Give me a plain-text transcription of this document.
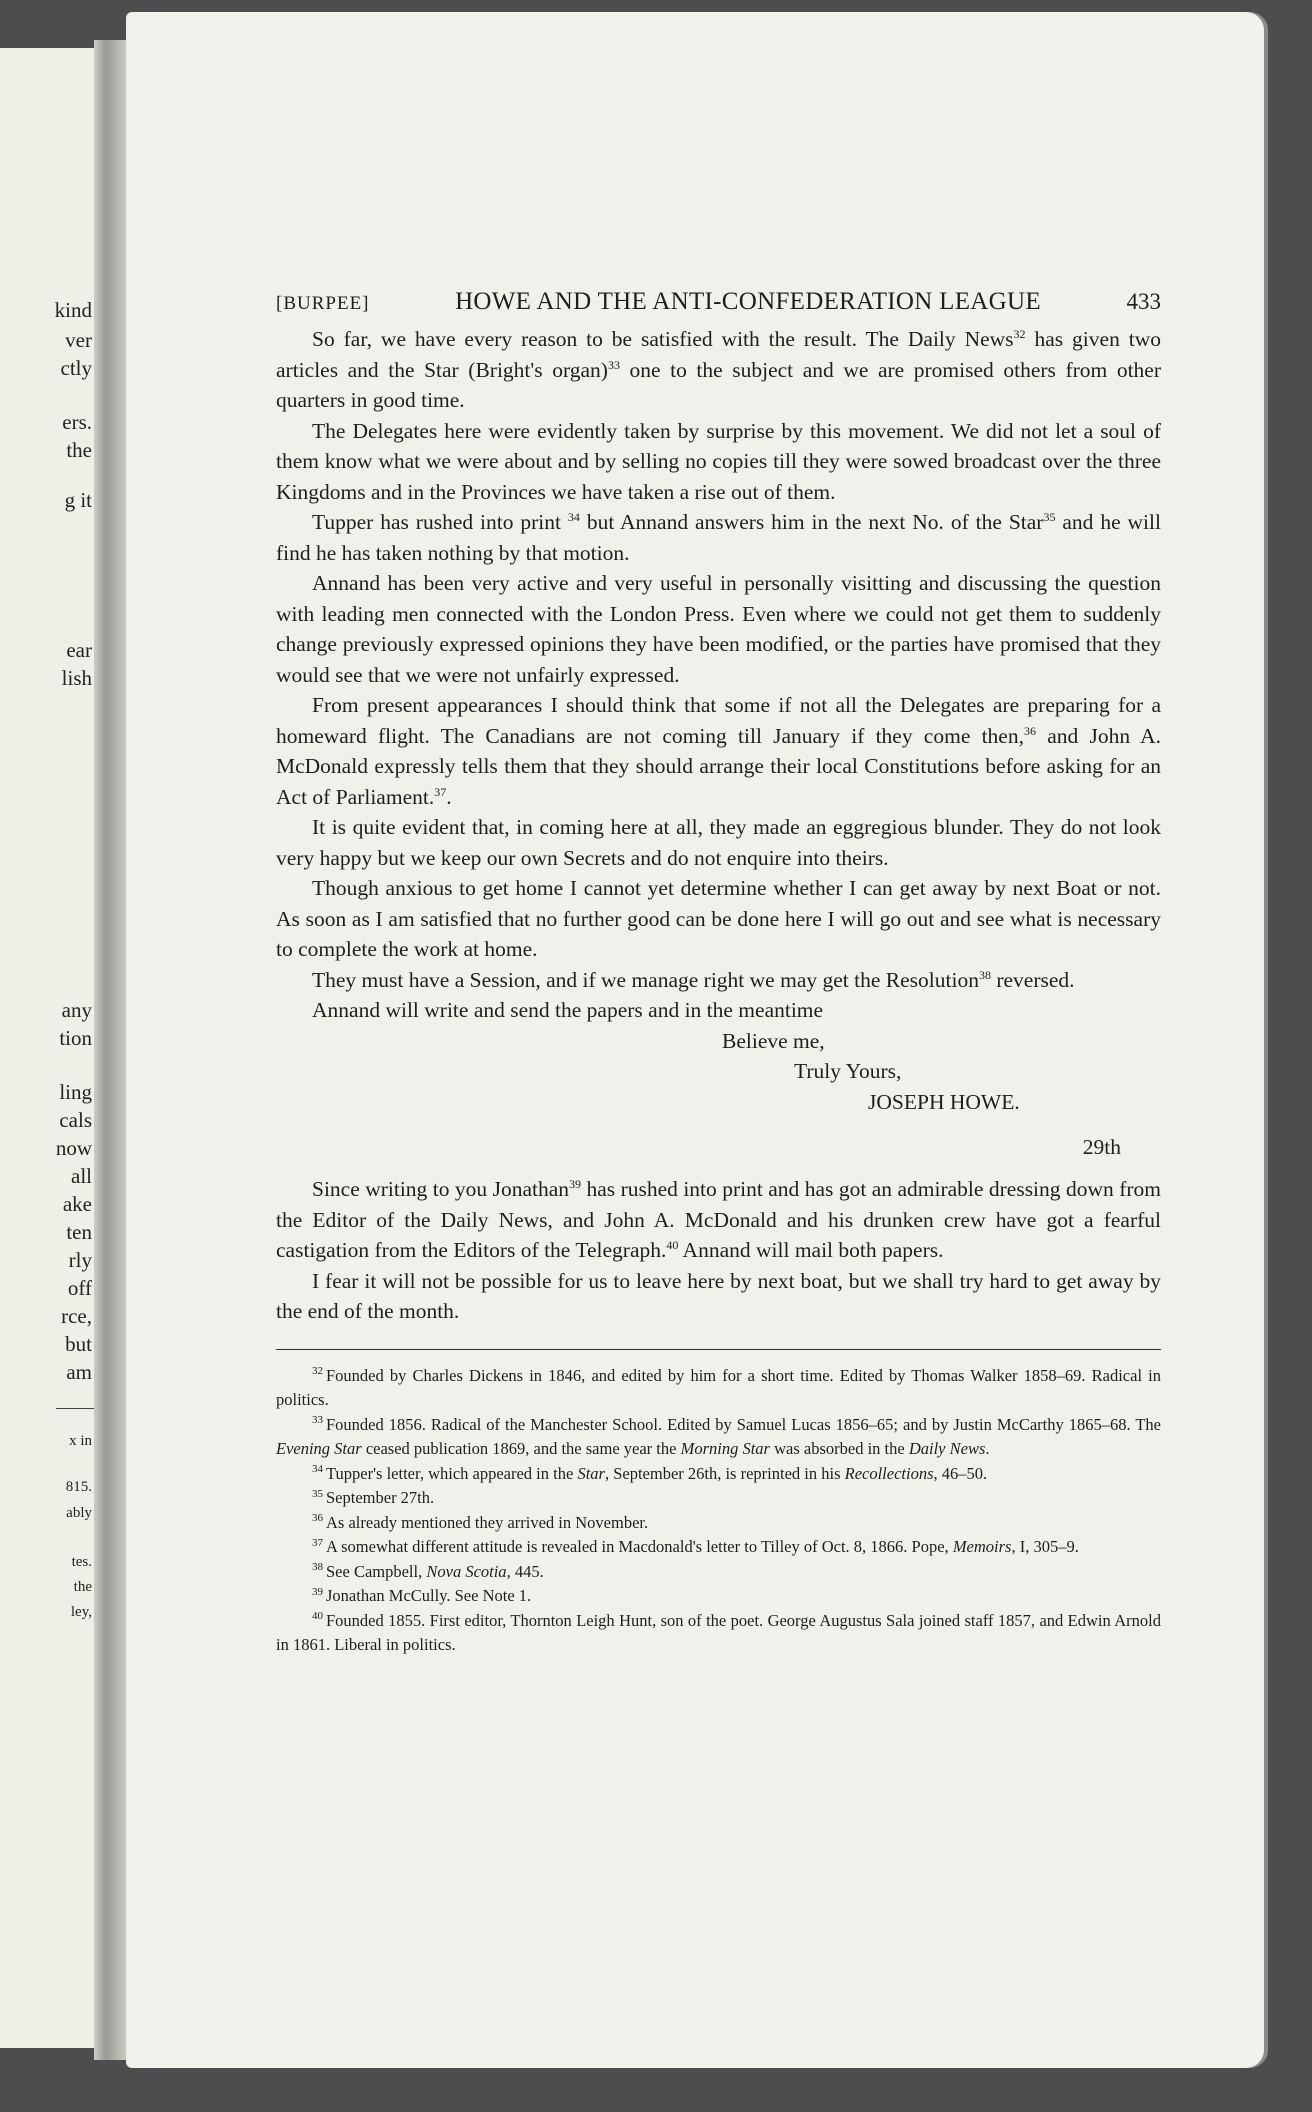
kind
ver
ctly
ers.
the
g it
ear
lish
any
tion
ling
cals
now
all
ake
ten
rly
off
rce,
but
am
x in
815.
ably
tes.
the
ley,
[BURPEE]	HOWE AND THE ANTI-CONFEDERATION LEAGUE	433

So far, we have every reason to be satisfied with the result. The Daily News$^{32}$ has given two articles and the Star (Bright's organ)$^{33}$ one to the subject and we are promised others from other quarters in good time.

The Delegates here were evidently taken by surprise by this movement. We did not let a soul of them know what we were about and by selling no copies till they were sowed broadcast over the three Kingdoms and in the Provinces we have taken a rise out of them.

Tupper has rushed into print $^{34}$ but Annand answers him in the next No. of the Star$^{35}$ and he will find he has taken nothing by that motion.

Annand has been very active and very useful in personally visitting and discussing the question with leading men connected with the London Press. Even where we could not get them to suddenly change previously expressed opinions they have been modified, or the parties have promised that they would see that we were not unfairly expressed.

From present appearances I should think that some if not all the Delegates are preparing for a homeward flight. The Canadians are not coming till January if they come then,$^{36}$ and John A. McDonald expressly tells them that they should arrange their local Constitutions before asking for an Act of Parliament.$^{37}$.

It is quite evident that, in coming here at all, they made an eggregious blunder. They do not look very happy but we keep our own Secrets and do not enquire into theirs.

Though anxious to get home I cannot yet determine whether I can get away by next Boat or not. As soon as I am satisfied that no further good can be done here I will go out and see what is necessary to complete the work at home.

They must have a Session, and if we manage right we may get the Resolution$^{38}$ reversed.

Annand will write and send the papers and in the meantime
Believe me,
Truly Yours,
JOSEPH HOWE.
29th

Since writing to you Jonathan$^{39}$ has rushed into print and has got an admirable dressing down from the Editor of the Daily News, and John A. McDonald and his drunken crew have got a fearful castigation from the Editors of the Telegraph.$^{40}$ Annand will mail both papers.

I fear it will not be possible for us to leave here by next boat, but we shall try hard to get away by the end of the month.

$^{32}$ Founded by Charles Dickens in 1846, and edited by him for a short time. Edited by Thomas Walker 1858–69. Radical in politics.

$^{33}$ Founded 1856. Radical of the Manchester School. Edited by Samuel Lucas 1856–65; and by Justin McCarthy 1865–68. The Evening Star ceased publication 1869, and the same year the Morning Star was absorbed in the Daily News.

$^{34}$ Tupper's letter, which appeared in the Star, September 26th, is reprinted in his Recollections, 46–50.

$^{35}$ September 27th.

$^{36}$ As already mentioned they arrived in November.

$^{37}$ A somewhat different attitude is revealed in Macdonald's letter to Tilley of Oct. 8, 1866. Pope, Memoirs, I, 305–9.

$^{38}$ See Campbell, Nova Scotia, 445.

$^{39}$ Jonathan McCully. See Note 1.

$^{40}$ Founded 1855. First editor, Thornton Leigh Hunt, son of the poet. George Augustus Sala joined staff 1857, and Edwin Arnold in 1861. Liberal in politics.
